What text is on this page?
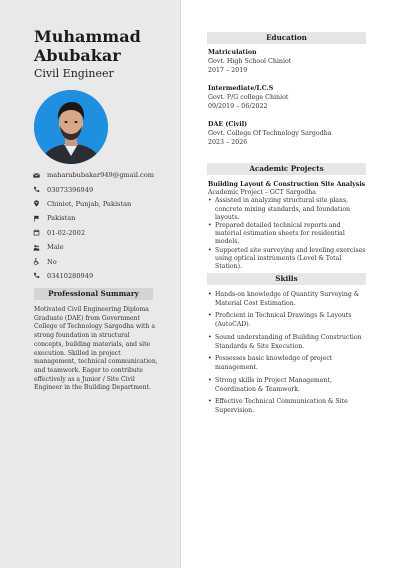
Muhammad Abubakar
Civil Engineer
maharabubakar949@gmail.com
03073396949
Chiniot, Punjab, Pakistan
Pakistan
01-02-2002
Male
No
03410280949
Professional Summary
Motivated Civil Engineering Diploma Graduate (DAE) from Government College of Technology Sargodha with a strong foundation in structural concepts, building materials, and site execution. Skilled in project management, technical communication, and teamwork. Eager to contribute effectively as a Junior / Site Civil Engineer in the Building Department.
Education
Matriculation
Govt. High School Chiniot
2017 – 2019
Intermediate/I.C.S
Govt. P/G college Chiniot
09/2019 – 06/2022
DAE (Civil)
Govt. College Of Technology Sargodha
2023 – 2026
Academic Projects
Building Layout & Construction Site Analysis
Academic Project – GCT Sargodha
• Assisted in analyzing structural site plans, concrete mixing standards, and foundation layouts.
• Prepared detailed technical reports and material estimation sheets for residential models.
• Supported site surveying and leveling exercises using optical instruments (Level & Total Station).
Skills
• Hands-on knowledge of Quantity Surveying & Material Cost Estimation.
• Proficient in Technical Drawings & Layouts (AutoCAD).
• Sound understanding of Building Construction Standards & Site Execution.
• Possesses basic knowledge of project management.
• Strong skills in Project Management, Coordination & Teamwork.
• Effective Technical Communication & Site Supervision.
